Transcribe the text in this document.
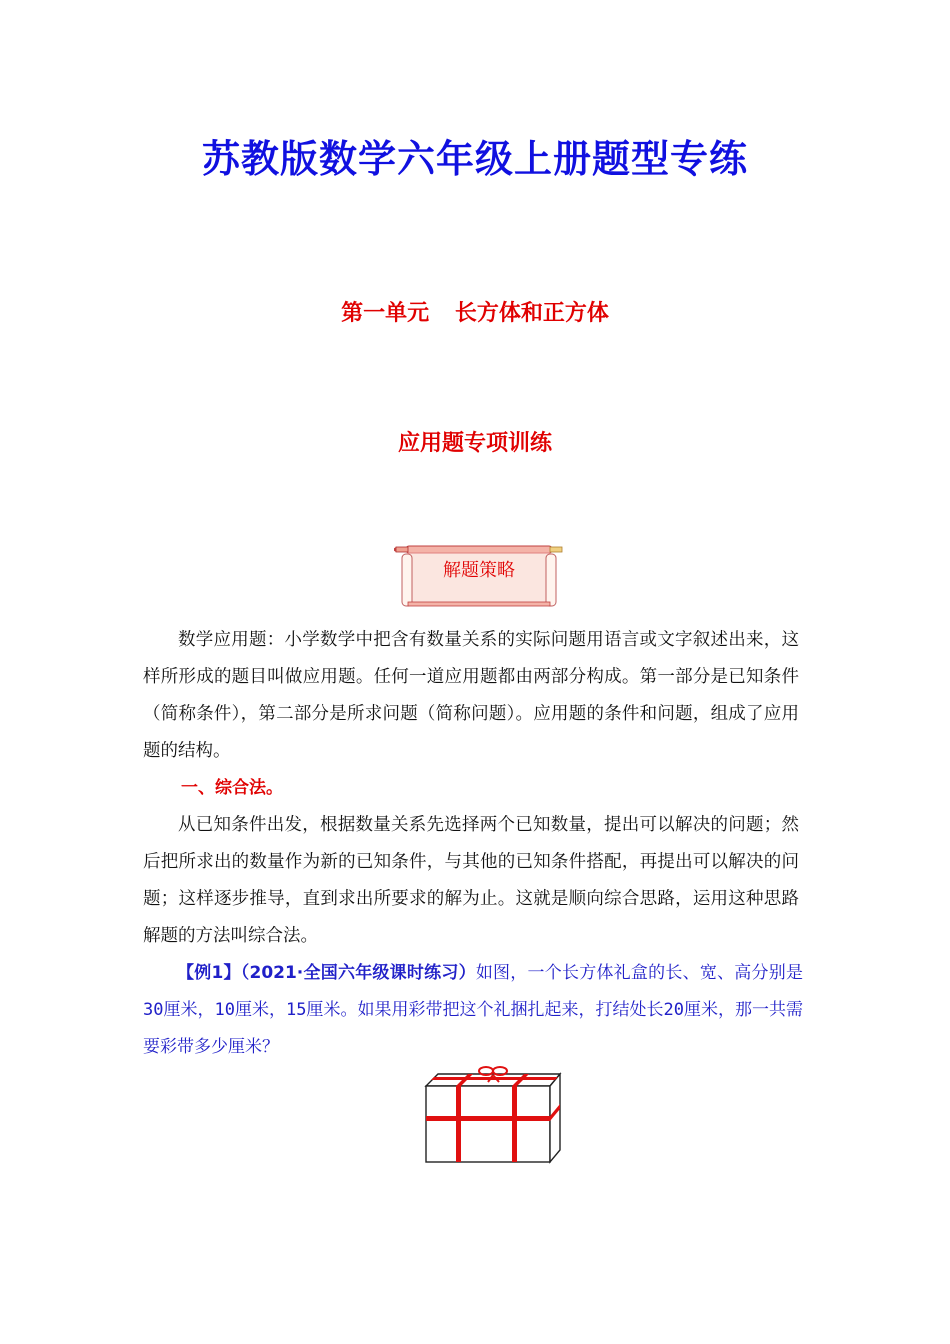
苏教版数学六年级上册题型专练
第一单元 长方体和正方体
应用题专项训练
解题策略
数学应用题：小学数学中把含有数量关系的实际问题用语言或文字叙述出来，这样所形成的题目叫做应用题。任何一道应用题都由两部分构成。第一部分是已知条件（简称条件），第二部分是所求问题（简称问题）。应用题的条件和问题，组成了应用题的结构。
一、综合法。
从已知条件出发，根据数量关系先选择两个已知数量，提出可以解决的问题；然后把所求出的数量作为新的已知条件，与其他的已知条件搭配，再提出可以解决的问题；这样逐步推导，直到求出所要求的解为止。这就是顺向综合思路，运用这种思路解题的方法叫综合法。
【例1】（2021·全国六年级课时练习）如图，一个长方体礼盒的长、宽、高分别是30厘米，10厘米，15厘米。如果用彩带把这个礼捆扎起来，打结处长20厘米，那一共需要彩带多少厘米？
